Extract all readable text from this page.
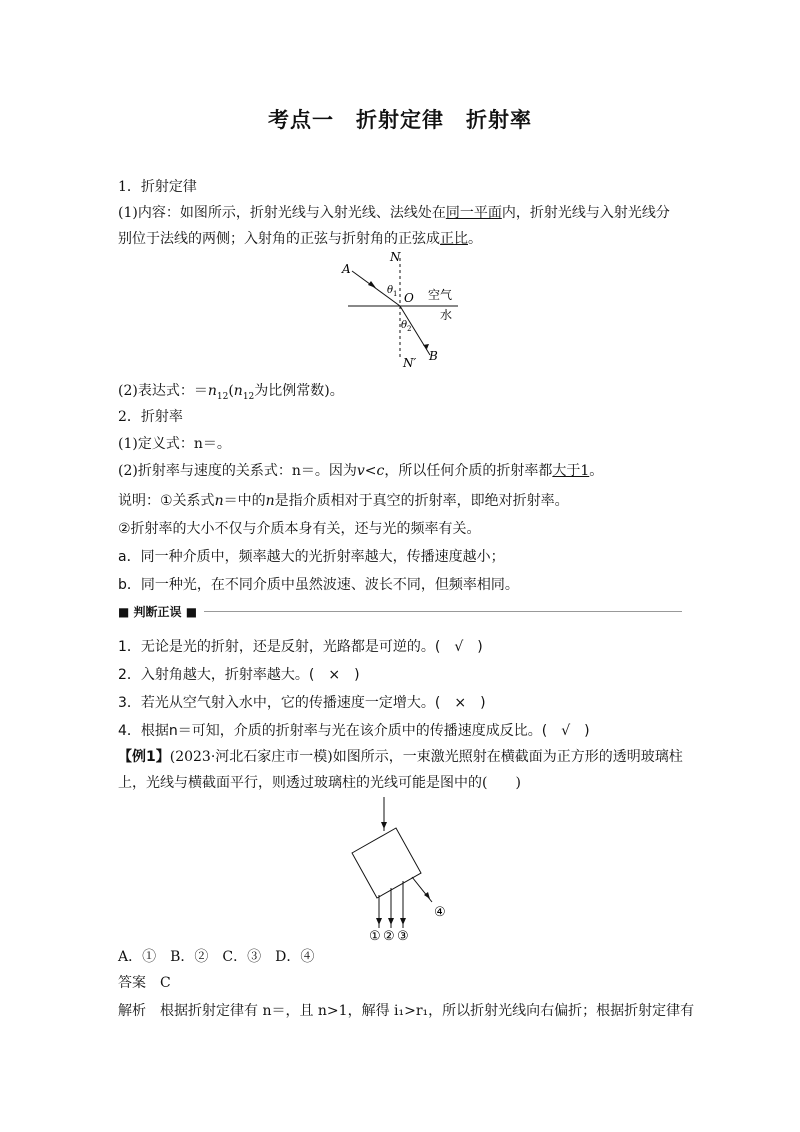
考点一　折射定律　折射率
1．折射定律
(1)内容：如图所示，折射光线与入射光线、法线处在同一平面内，折射光线与入射光线分
别位于法线的两侧；入射角的正弦与折射角的正弦成正比。
A
N
θ 1 O 空气
水
θ 2
B
N′
(2)表达式：$=n_{12}(n_{12}$为比例常数)。
2．折射率
(1)定义式：n＝。
(2)折射率与速度的关系式：n＝。因为v<c，所以任何介质的折射率都大于1。
说明：①关系式n＝中的n是指介质相对于真空的折射率，即绝对折射率。
②折射率的大小不仅与介质本身有关，还与光的频率有关。
a．同一种介质中，频率越大的光折射率越大，传播速度越小；
b．同一种光，在不同介质中虽然波速、波长不同，但频率相同。
■ 判断正误 ■
1．无论是光的折射，还是反射，光路都是可逆的。(　√　)
2．入射角越大，折射率越大。(　×　)
3．若光从空气射入水中，它的传播速度一定增大。(　×　)
4．根据n＝可知，介质的折射率与光在该介质中的传播速度成反比。(　√　)
【例1】(2023·河北石家庄市一模)如图所示，一束激光照射在横截面为正方形的透明玻璃柱
上，光线与横截面平行，则透过玻璃柱的光线可能是图中的(　　)
① ② ③
④
A．①　B．②　C．③　D．④
答案　 C
解析　 根据折射定律有 n＝，且 n>1，解得 i₁>r₁，所以折射光线向右偏折；根据折射定律有
